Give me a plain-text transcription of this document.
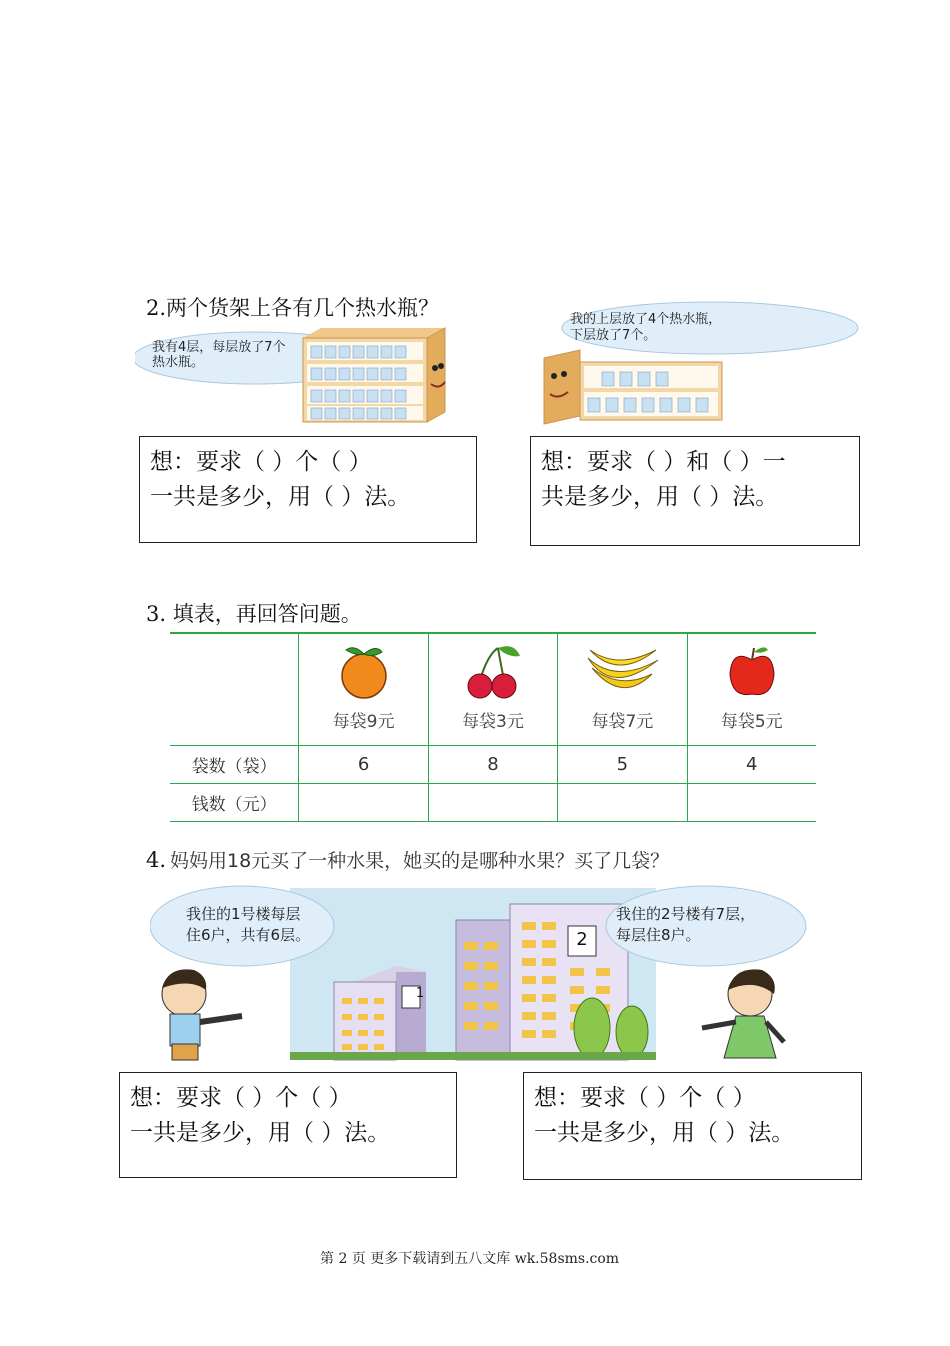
2.两个货架上各有几个热水瓶？
我有4层，每层放了7个
热水瓶。
我的上层放了4个热水瓶，
下层放了7个。
想：要求（ ）个（ ）
一共是多少，用（ ）法。
想：要求（ ）和（ ）一
共是多少，用（ ）法。
3. 填表，再回答问题。

	每袋9元	每袋3元	每袋7元	每袋5元

袋数（袋）	6	8	5	4
钱数（元）				
4. 妈妈用18元买了一种水果，她买的是哪种水果？买了几袋？
1
2
我住的1号楼每层
住6户，共有6层。
我住的2号楼有7层，
每层住8户。
想：要求（ ）个（ ）
一共是多少，用（ ）法。
想：要求（ ）个（ ）
一共是多少，用（ ）法。
第 2 页 更多下载请到五八文库 wk.58sms.com
